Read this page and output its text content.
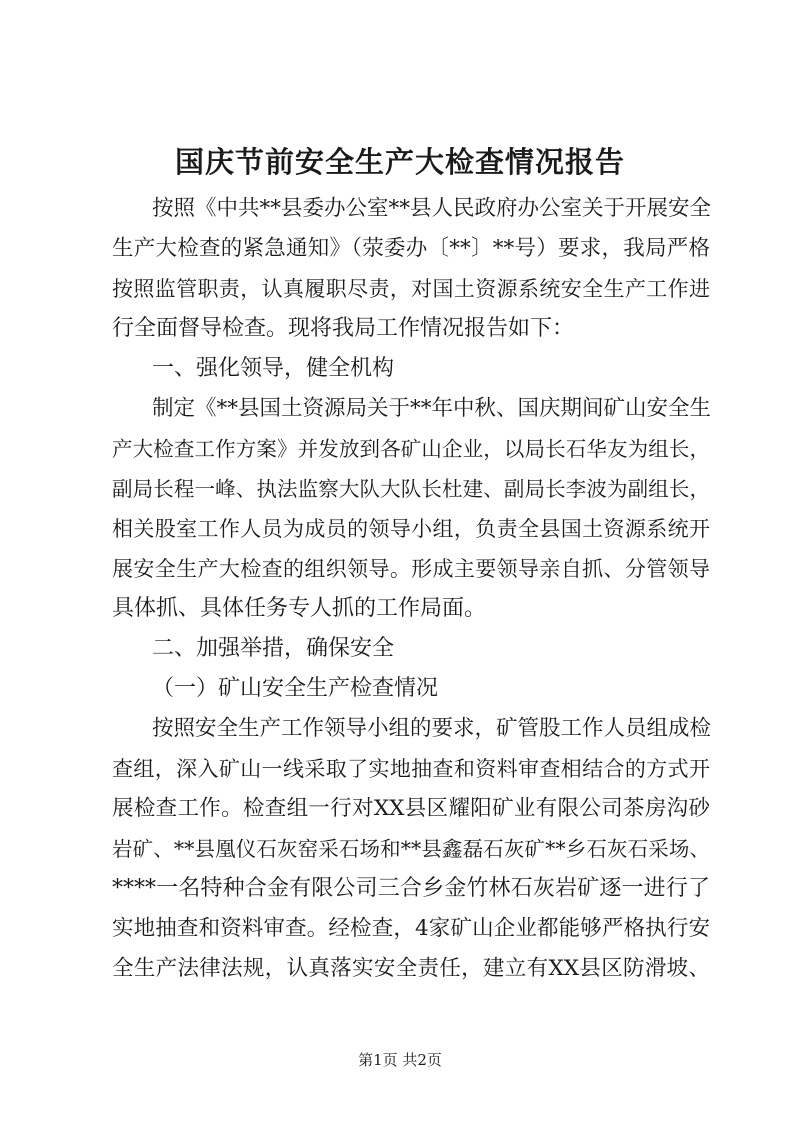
国庆节前安全生产大检查情况报告
按照《中共**县委办公室**县人民政府办公室关于开展安全
生产大检查的紧急通知》（荥委办〔**〕**号）要求，我局严格
按照监管职责，认真履职尽责，对国土资源系统安全生产工作进
行全面督导检查。现将我局工作情况报告如下：
一、强化领导，健全机构
制定《**县国土资源局关于**年中秋、国庆期间矿山安全生
产大检查工作方案》并发放到各矿山企业，以局长石华友为组长，
副局长程一峰、执法监察大队大队长杜建、副局长李波为副组长，
相关股室工作人员为成员的领导小组，负责全县国土资源系统开
展安全生产大检查的组织领导。形成主要领导亲自抓、分管领导
具体抓、具体任务专人抓的工作局面。
二、加强举措，确保安全
（一）矿山安全生产检查情况
按照安全生产工作领导小组的要求，矿管股工作人员组成检
查组，深入矿山一线采取了实地抽查和资料审查相结合的方式开
展检查工作。检查组一行对XX县区耀阳矿业有限公司茶房沟砂
岩矿、**县凰仪石灰窑采石场和**县鑫磊石灰矿**乡石灰石采场、
****一名特种合金有限公司三合乡金竹林石灰岩矿逐一进行了
实地抽查和资料审查。经检查，4家矿山企业都能够严格执行安
全生产法律法规，认真落实安全责任，建立有XX县区防滑坡、
第1页 共2页
